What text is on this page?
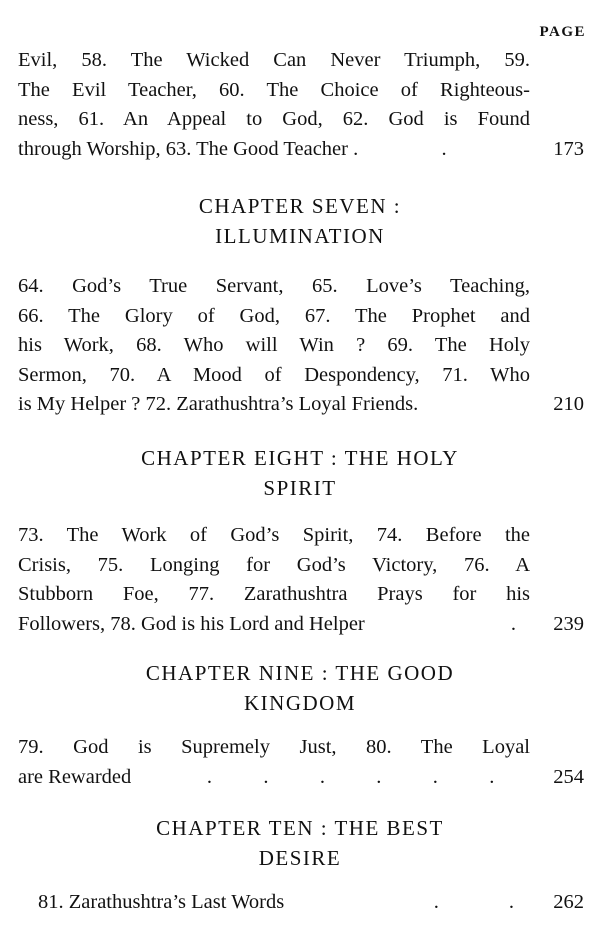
PAGE
Evil, 58. The Wicked Can Never Triumph, 59.
The Evil Teacher, 60. The Choice of Righteous-
ness, 61. An Appeal to God, 62. God is Found
through Worship, 63. The Good Teacher .	.	173
CHAPTER SEVEN :
ILLUMINATION
64. God’s True Servant, 65. Love’s Teaching,
66. The Glory of God, 67. The Prophet and
his Work, 68. Who will Win ? 69. The Holy
Sermon, 70. A Mood of Despondency, 71. Who
is My Helper ? 72. Zarathushtra’s Loyal Friends.	210
CHAPTER EIGHT : THE HOLY
SPIRIT
73. The Work of God’s Spirit, 74. Before the
Crisis, 75. Longing for God’s Victory, 76. A
Stubborn Foe, 77. Zarathushtra Prays for his
Followers, 78. God is his Lord and Helper	.	239
CHAPTER NINE : THE GOOD
KINGDOM
79. God is Supremely Just, 80. The Loyal
are Rewarded	.	.	.	.	.	.	254
CHAPTER TEN : THE BEST
DESIRE
81. Zarathushtra’s Last Words	.	.	262
